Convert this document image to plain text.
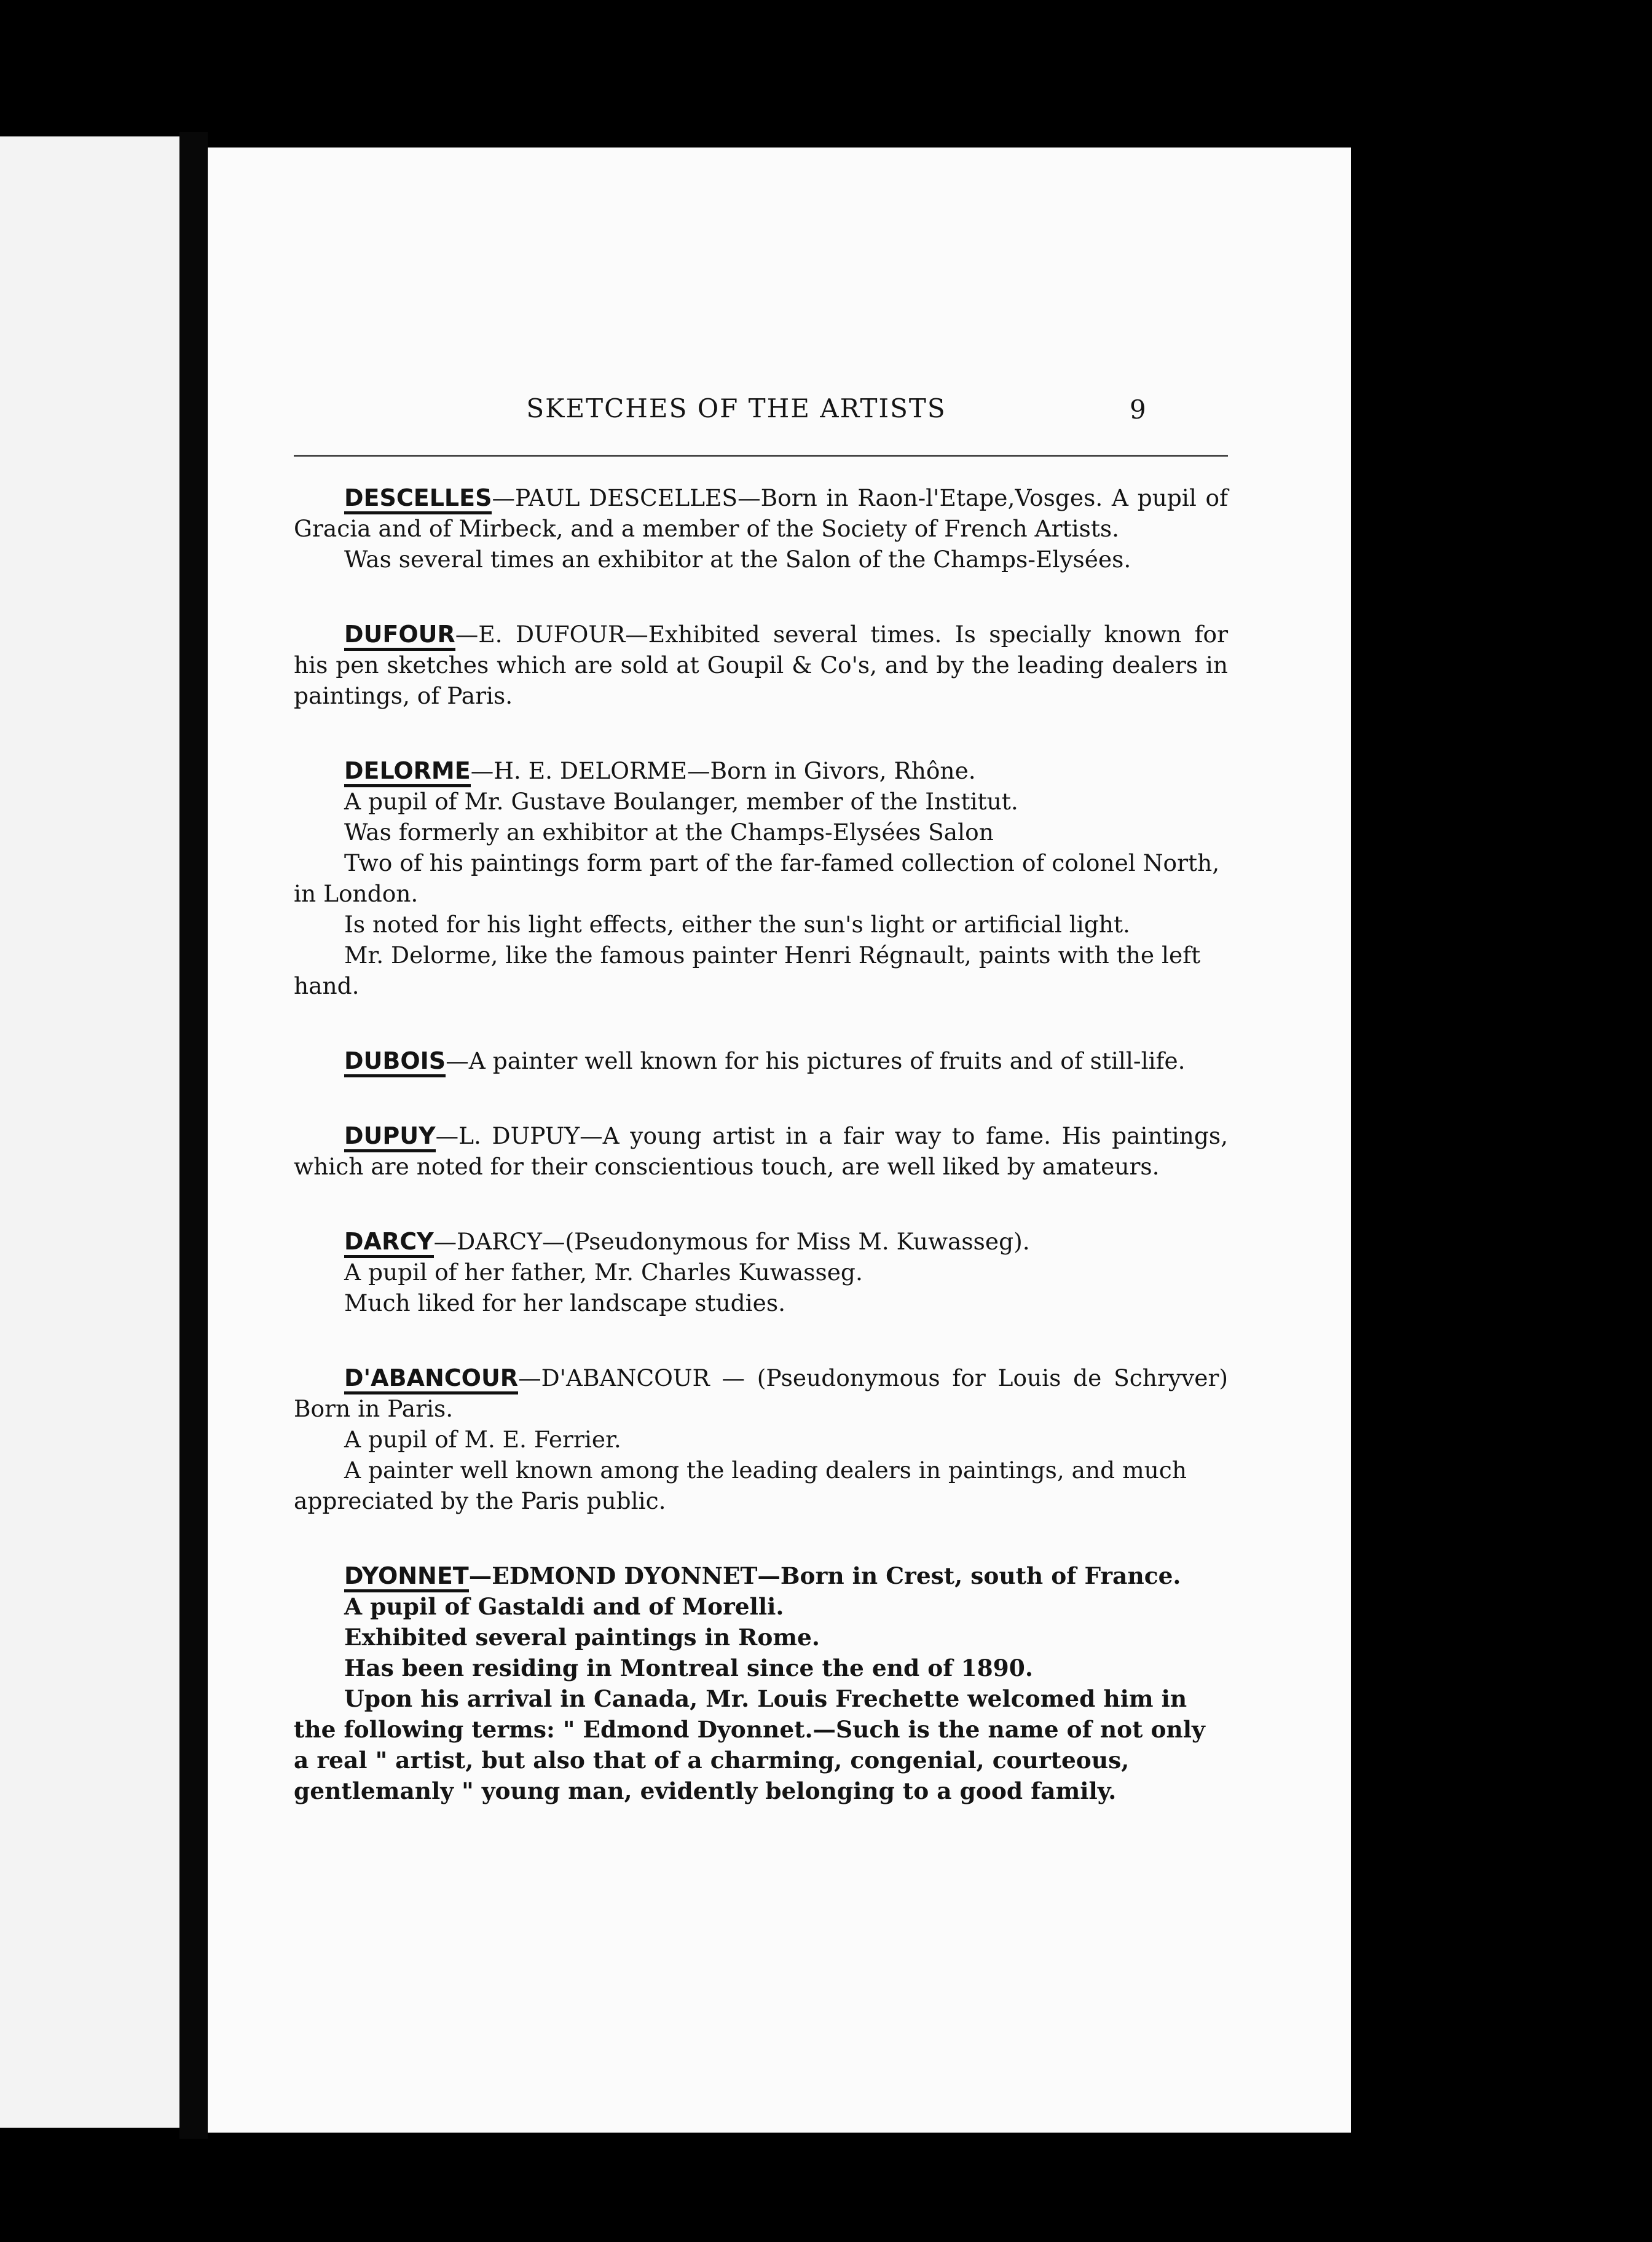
SKETCHES OF THE ARTISTS	9

DESCELLES—PAUL DESCELLES—Born in Raon-l'Etape,Vosges. A pupil of Gracia and of Mirbeck, and a member of the Society of French Artists.

Was several times an exhibitor at the Salon of the Champs-Elysées.

DUFOUR—E. DUFOUR—Exhibited several times. Is specially known for his pen sketches which are sold at Goupil & Co's, and by the leading dealers in paintings, of Paris.

DELORME—H. E. DELORME—Born in Givors, Rhône.

A pupil of Mr. Gustave Boulanger, member of the Institut.

Was formerly an exhibitor at the Champs-Elysées Salon

Two of his paintings form part of the far-famed collection of colonel North, in London.

Is noted for his light effects, either the sun's light or artificial light.

Mr. Delorme, like the famous painter Henri Régnault, paints with the left hand.

DUBOIS—A painter well known for his pictures of fruits and of still-life.

DUPUY—L. DUPUY—A young artist in a fair way to fame. His paintings, which are noted for their conscientious touch, are well liked by amateurs.

DARCY—DARCY—(Pseudonymous for Miss M. Kuwasseg).

A pupil of her father, Mr. Charles Kuwasseg.

Much liked for her landscape studies.

D'ABANCOUR—D'ABANCOUR — (Pseudonymous for Louis de Schryver) Born in Paris.

A pupil of M. E. Ferrier.

A painter well known among the leading dealers in paintings, and much appreciated by the Paris public.

DYONNET—EDMOND DYONNET—Born in Crest, south of France.

A pupil of Gastaldi and of Morelli.

Exhibited several paintings in Rome.

Has been residing in Montreal since the end of 1890.

Upon his arrival in Canada, Mr. Louis Frechette welcomed him in the following terms: " Edmond Dyonnet.—Such is the name of not only a real " artist, but also that of a charming, congenial, courteous, gentlemanly " young man, evidently belonging to a good family.
